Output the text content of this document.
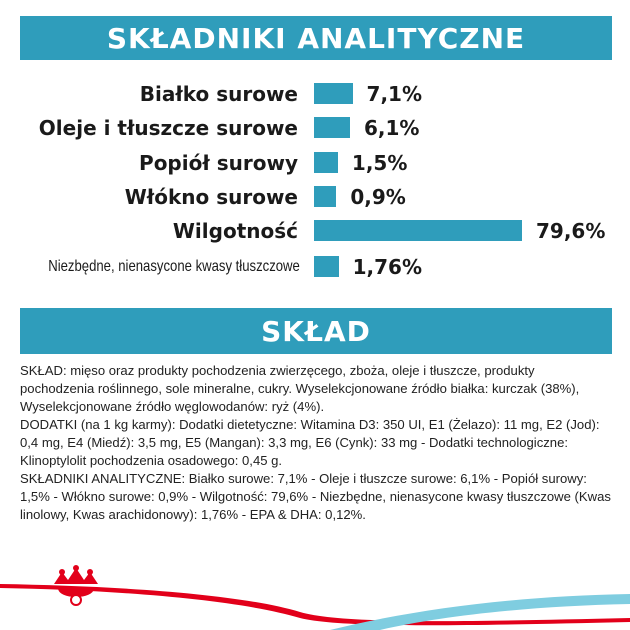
SKŁADNIKI ANALITYCZNE
Białko surowe	7,1%
Oleje i tłuszcze surowe	6,1%
Popiół surowy	1,5%
Włókno surowe	0,9%
Wilgotność	79,6%
Niezbędne, nienasycone kwasy tłuszczowe	1,76%
SKŁAD

SKŁAD: mięso oraz produkty pochodzenia zwierzęcego, zboża, oleje i tłuszcze, produkty pochodzenia roślinnego, sole mineralne, cukry. Wyselekcjonowane źródło białka: kurczak (38%), Wyselekcjonowane źródło węglowodanów: ryż (4%).

DODATKI (na 1 kg karmy): Dodatki dietetyczne: Witamina D3: 350 UI, E1 (Żelazo): 11 mg, E2 (Jod): 0,4 mg, E4 (Miedź): 3,5 mg, E5 (Mangan): 3,3 mg, E6 (Cynk): 33 mg - Dodatki technologiczne: Klinoptylolit pochodzenia osadowego: 0,45 g.

SKŁADNIKI ANALITYCZNE: Białko surowe: 7,1% - Oleje i tłuszcze surowe: 6,1% - Popiół surowy: 1,5% - Włókno surowe: 0,9% - Wilgotność: 79,6% - Niezbędne, nienasycone kwasy tłuszczowe (Kwas linolowy, Kwas arachidonowy): 1,76% - EPA & DHA: 0,12%.
